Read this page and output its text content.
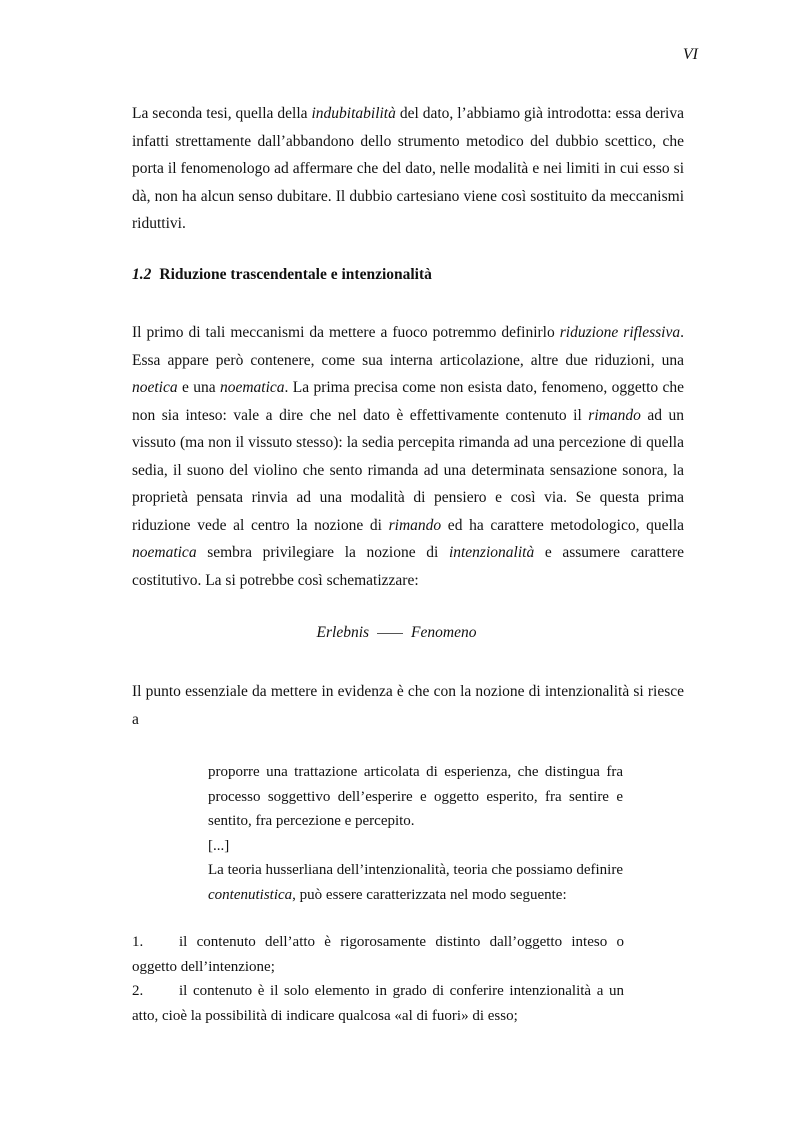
VI
La seconda tesi, quella della indubitabilità del dato, l’abbiamo già introdotta: essa deriva infatti strettamente dall’abbandono dello strumento metodico del dubbio scettico, che porta il fenomenologo ad affermare che del dato, nelle modalità e nei limiti in cui esso si dà, non ha alcun senso dubitare. Il dubbio cartesiano viene così sostituito da meccanismi riduttivi.
1.2 Riduzione trascendentale e intenzionalità
Il primo di tali meccanismi da mettere a fuoco potremmo definirlo riduzione riflessiva. Essa appare però contenere, come sua interna articolazione, altre due riduzioni, una noetica e una noematica. La prima precisa come non esista dato, fenomeno, oggetto che non sia inteso: vale a dire che nel dato è effettivamente contenuto il rimando ad un vissuto (ma non il vissuto stesso): la sedia percepita rimanda ad una percezione di quella sedia, il suono del violino che sento rimanda ad una determinata sensazione sonora, la proprietà pensata rinvia ad una modalità di pensiero e così via. Se questa prima riduzione vede al centro la nozione di rimando ed ha carattere metodologico, quella noematica sembra privilegiare la nozione di intenzionalità e assumere carattere costitutivo. La si potrebbe così schematizzare:
Erlebnis	Fenomeno
Il punto essenziale da mettere in evidenza è che con la nozione di intenzionalità si riesce a

proporre una trattazione articolata di esperienza, che distingua fra processo soggettivo dell’esperire e oggetto esperito, fra sentire e sentito, fra percezione e percepito.

[...]

La teoria husserliana dell’intenzionalità, teoria che possiamo definire contenutistica, può essere caratterizzata nel modo seguente:

1. il contenuto dell’atto è rigorosamente distinto dall’oggetto inteso o oggetto dell’intenzione;

2. il contenuto è il solo elemento in grado di conferire intenzionalità a un atto, cioè la possibilità di indicare qualcosa «al di fuori» di esso;
